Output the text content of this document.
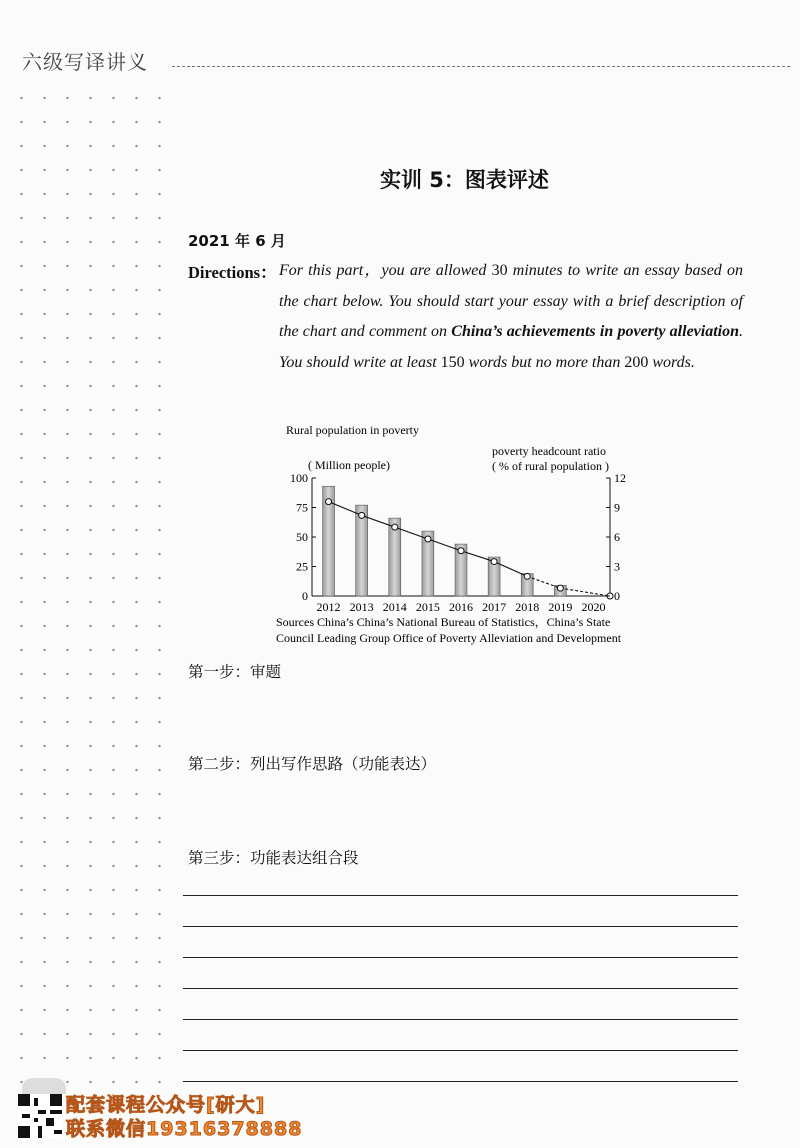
六级写译讲义
实训 5：图表评述
2021 年 6 月
Directions： For this part，you are allowed 30 minutes to write an essay based on the chart below. You should start your essay with a brief description of the chart and comment on China’s achievements in poverty alleviation. You should write at least 150 words but no more than 200 words.
Rural population in poverty
( Million people)
poverty headcount ratio
( % of rural population )
100
75
50
25
0
12
9
6
3
0
2012 2013 2014 2015 2016 2017 2018 2019 2020
Sources China’s China’s National Bureau of Statistics，China’s State
Council Leading Group Office of Poverty Alleviation and Development
第一步：审题
第二步：列出写作思路（功能表达）
第三步：功能表达组合段
配套课程公众号[研大]
联系微信19316378888
